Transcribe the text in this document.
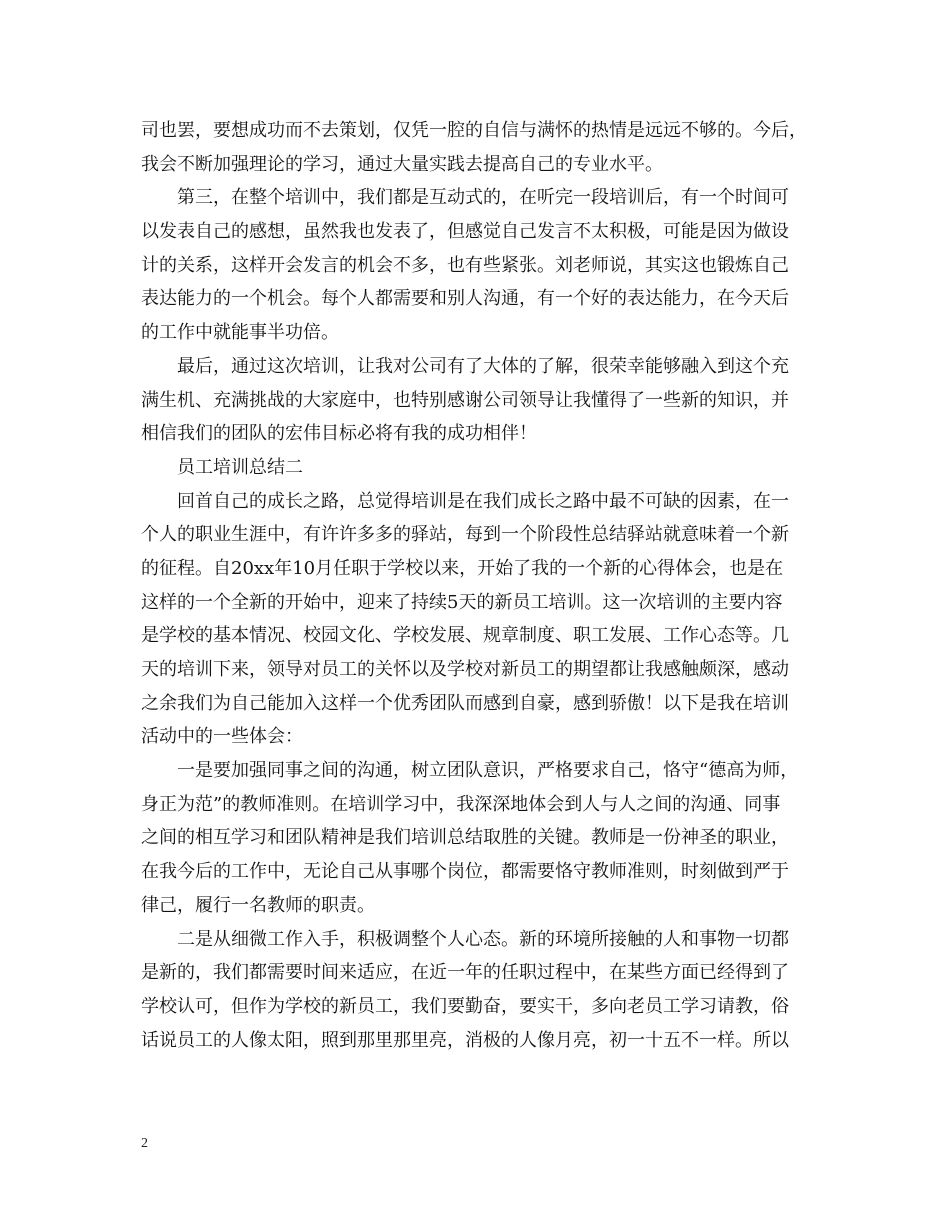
司也罢，要想成功而不去策划，仅凭一腔的自信与满怀的热情是远远不够的。今后，
我会不断加强理论的学习，通过大量实践去提高自己的专业水平。
第三，在整个培训中，我们都是互动式的，在听完一段培训后，有一个时间可
以发表自己的感想，虽然我也发表了，但感觉自己发言不太积极，可能是因为做设
计的关系，这样开会发言的机会不多，也有些紧张。刘老师说，其实这也锻炼自己
表达能力的一个机会。每个人都需要和别人沟通，有一个好的表达能力，在今天后
的工作中就能事半功倍。
最后，通过这次培训，让我对公司有了大体的了解，很荣幸能够融入到这个充
满生机、充满挑战的大家庭中，也特别感谢公司领导让我懂得了一些新的知识，并
相信我们的团队的宏伟目标必将有我的成功相伴！
员工培训总结二
回首自己的成长之路，总觉得培训是在我们成长之路中最不可缺的因素，在一
个人的职业生涯中，有许许多多的驿站，每到一个阶段性总结驿站就意味着一个新
的征程。自20xx年10月任职于学校以来，开始了我的一个新的心得体会，也是在
这样的一个全新的开始中，迎来了持续5天的新员工培训。这一次培训的主要内容
是学校的基本情况、校园文化、学校发展、规章制度、职工发展、工作心态等。几
天的培训下来，领导对员工的关怀以及学校对新员工的期望都让我感触颇深，感动
之余我们为自己能加入这样一个优秀团队而感到自豪，感到骄傲！以下是我在培训
活动中的一些体会：
一是要加强同事之间的沟通，树立团队意识，严格要求自己，恪守“德高为师，
身正为范”的教师准则。在培训学习中，我深深地体会到人与人之间的沟通、同事
之间的相互学习和团队精神是我们培训总结取胜的关键。教师是一份神圣的职业，
在我今后的工作中，无论自己从事哪个岗位，都需要恪守教师准则，时刻做到严于
律己，履行一名教师的职责。
二是从细微工作入手，积极调整个人心态。新的环境所接触的人和事物一切都
是新的，我们都需要时间来适应，在近一年的任职过程中，在某些方面已经得到了
学校认可，但作为学校的新员工，我们要勤奋，要实干，多向老员工学习请教，俗
话说员工的人像太阳，照到那里那里亮，消极的人像月亮，初一十五不一样。所以
2
